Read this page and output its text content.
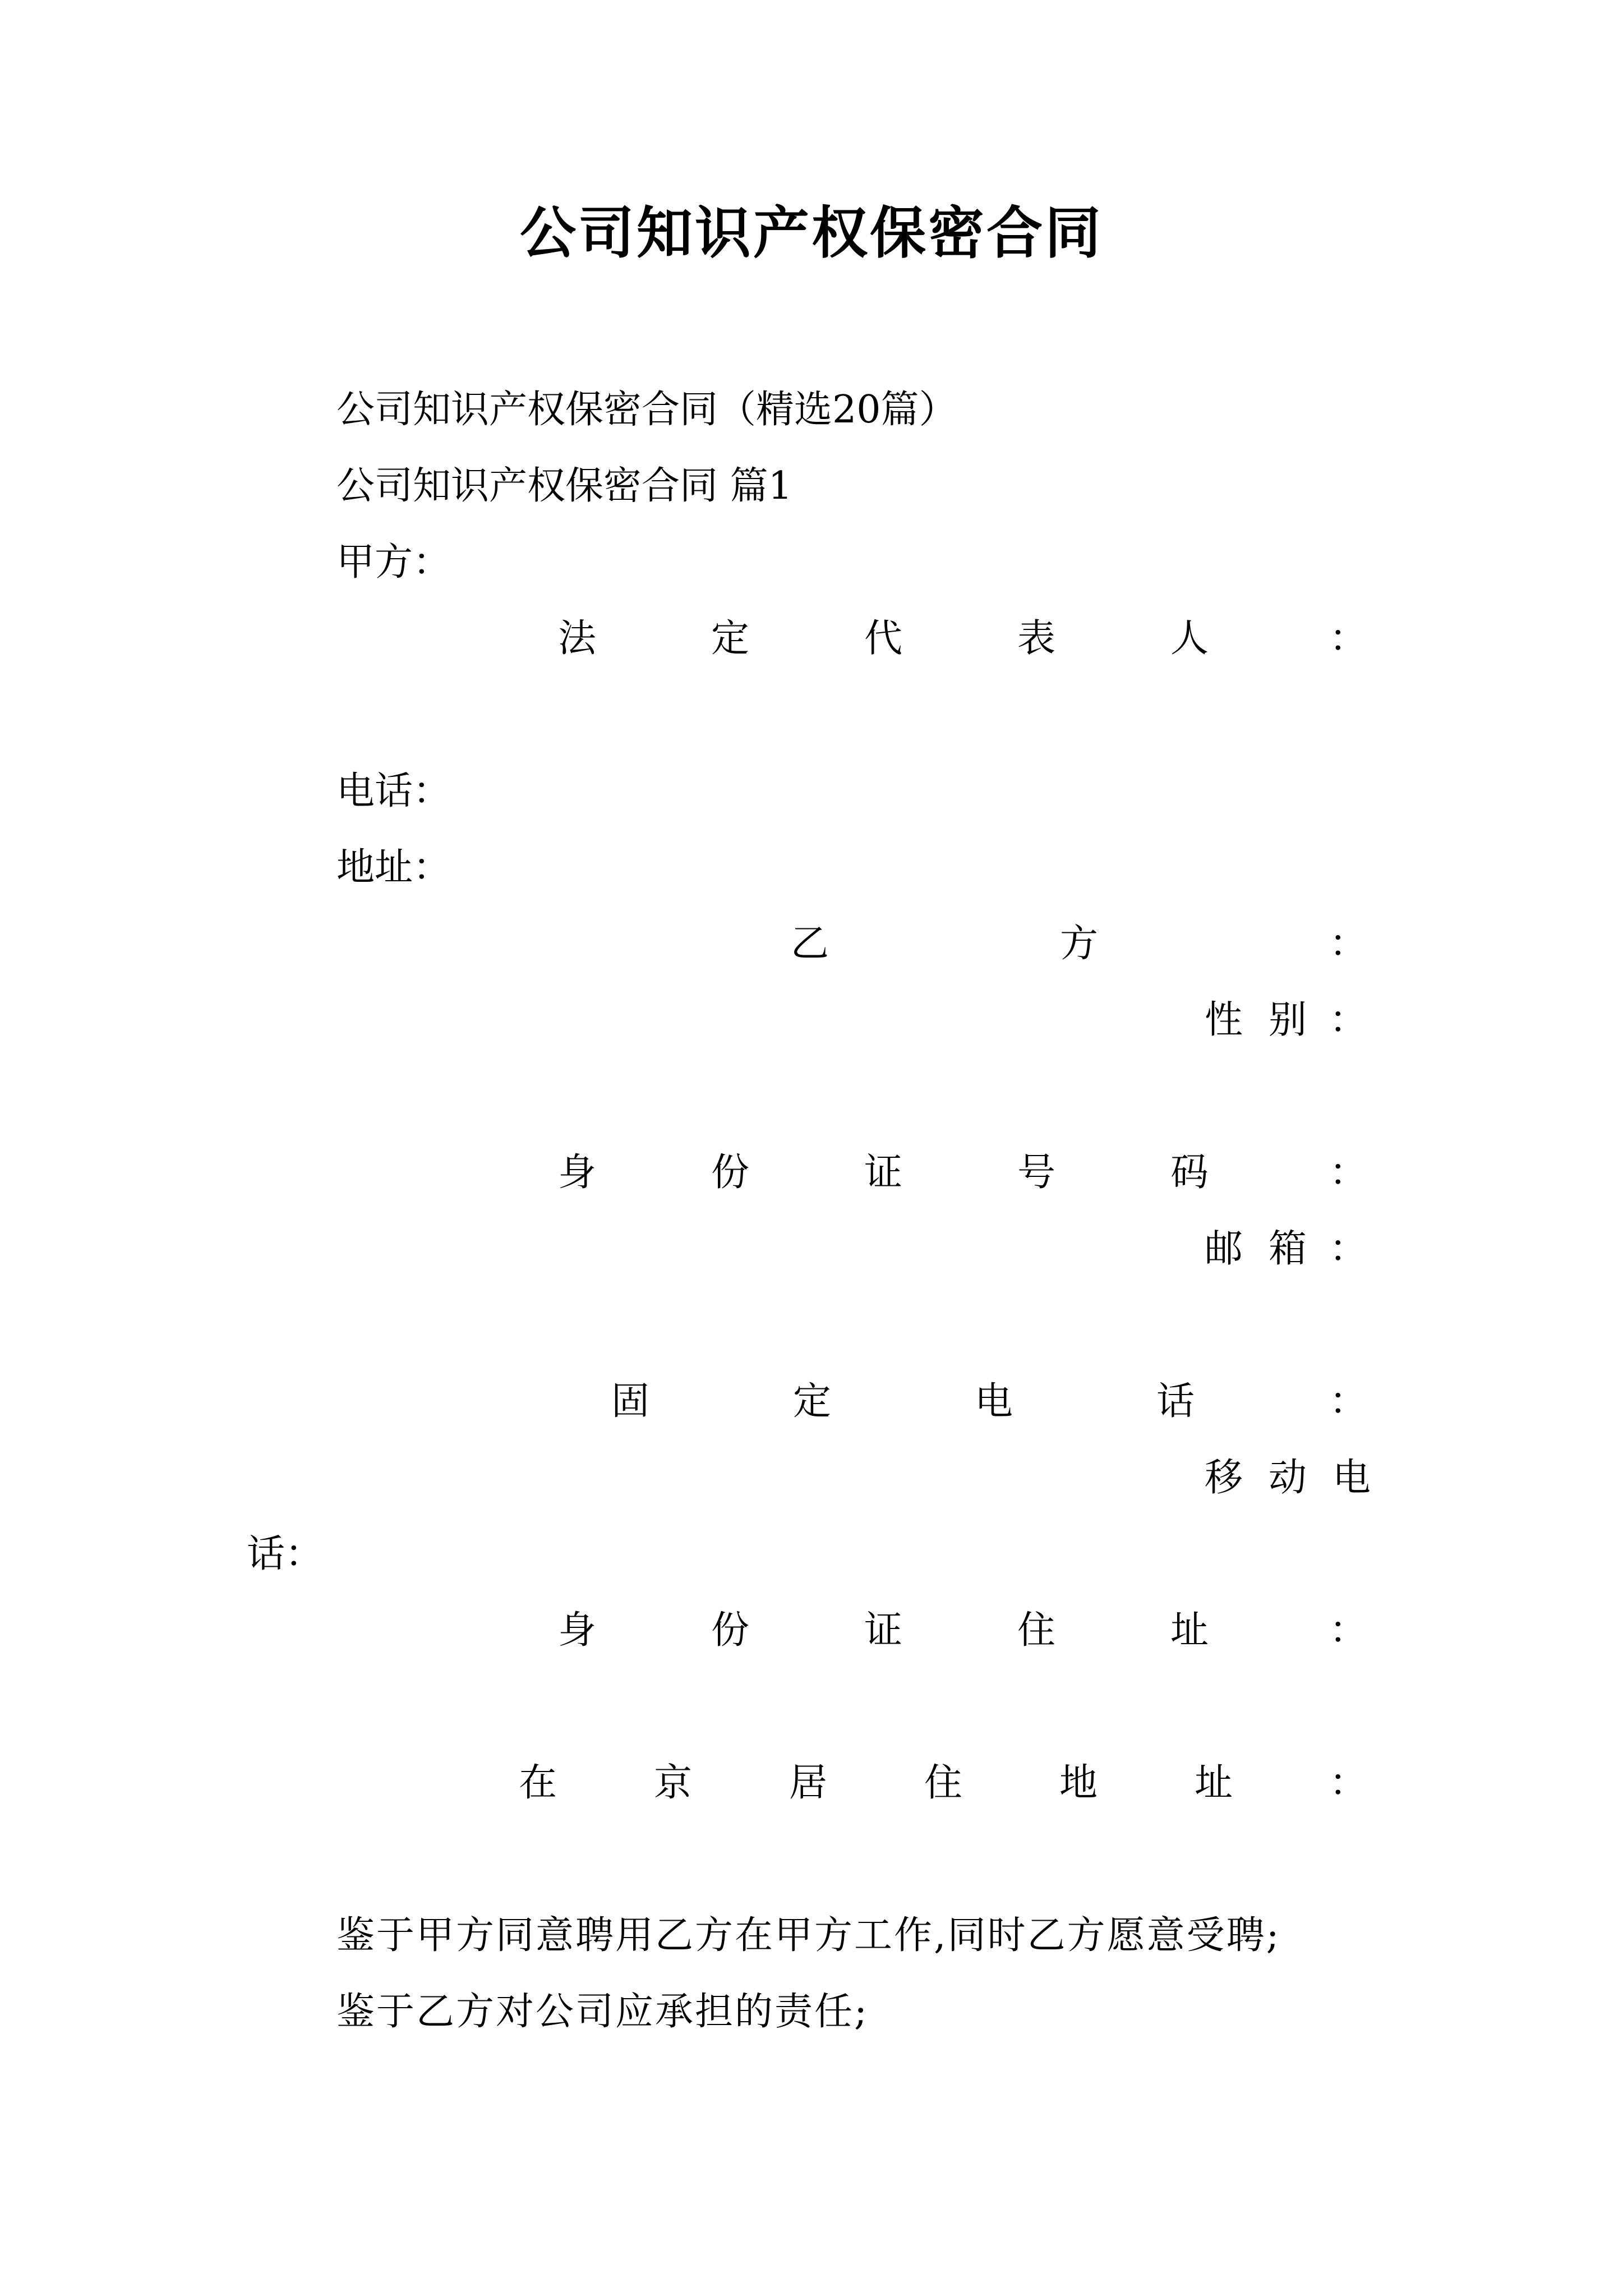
公司知识产权保密合同
公司知识产权保密合同（精选20篇）
公司知识产权保密合同 篇1
甲方：
法	定	代	表	人	：
电话：
地址：
乙	方	：
性 别 ：
身	份	证	号	码	：
邮 箱 ：
固	定	电	话	：
移 动 电
话：
身	份	证	住	址	：
在	京	居	住	地	址	：
鉴于甲方同意聘用乙方在甲方工作,同时乙方愿意受聘;
鉴于乙方对公司应承担的责任;
